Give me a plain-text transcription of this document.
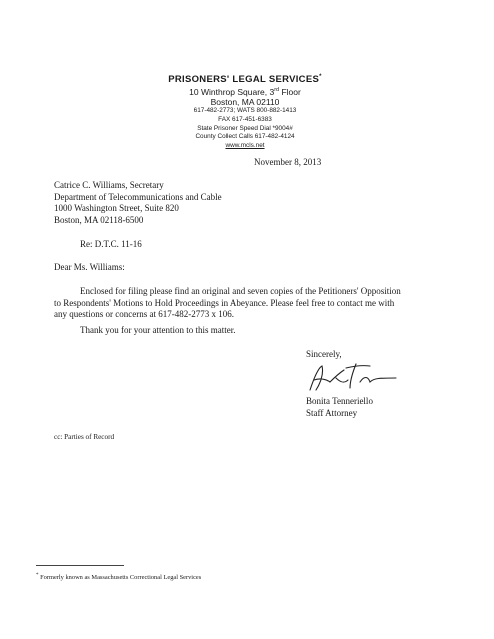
PRISONERS' LEGAL SERVICES*
10 Winthrop Square, 3rd Floor
Boston, MA 02110
617-482-2773; WATS 800-882-1413
FAX 617-451-6383
State Prisoner Speed Dial *9004#
County Collect Calls 617-482-4124
www.mcls.net
November 8, 2013
Catrice C. Williams, Secretary
Department of Telecommunications and Cable
1000 Washington Street, Suite 820
Boston, MA 02118-6500
Re: D.T.C. 11-16
Dear Ms. Williams:
Enclosed for filing please find an original and seven copies of the Petitioners' Opposition
to Respondents' Motions to Hold Proceedings in Abeyance. Please feel free to contact me with
any questions or concerns at 617-482-2773 x 106.
Thank you for your attention to this matter.
Sincerely,
Bonita Tenneriello
Staff Attorney
cc: Parties of Record
* Formerly known as Massachusetts Correctional Legal Services
